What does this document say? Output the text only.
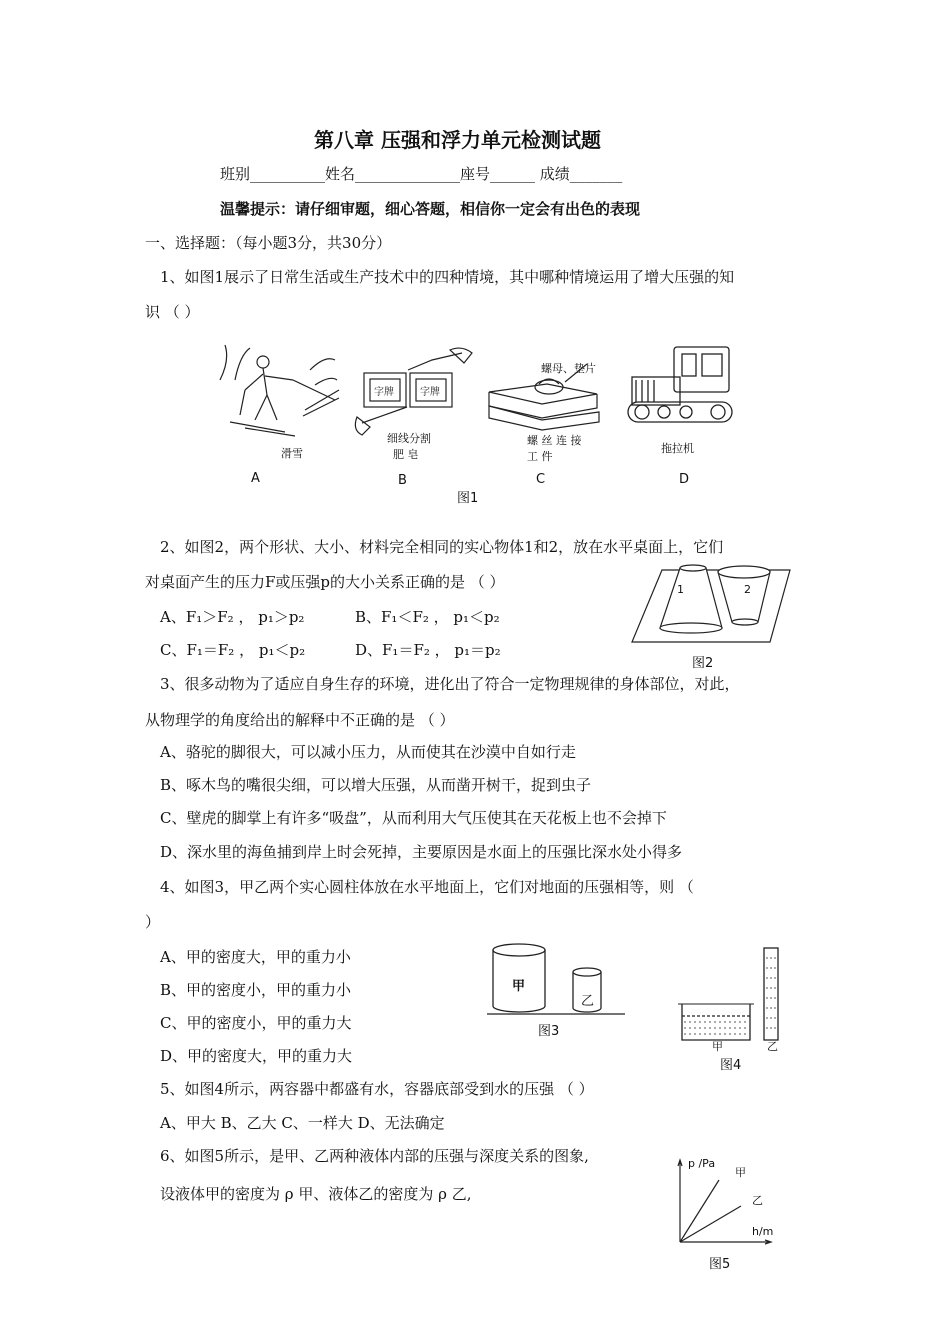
第八章 压强和浮力单元检测试题
班别__________姓名______________座号______ 成绩_______
温馨提示：请仔细审题，细心答题，相信你一定会有出色的表现
一、选择题：（每小题3分，共30分）
1、如图1展示了日常生活或生产技术中的四种情境，其中哪种情境运用了增大压强的知
识 （ ）
滑雪
字牌	字牌
细线分割
肥 皂
螺母、垫片
螺 丝 连 接
工 件
拖拉机
A	B	C	D
图1
2、如图2，两个形状、大小、材料完全相同的实心物体1和2，放在水平桌面上，它们
对桌面产生的压力F或压强p的大小关系正确的是 （ ）
A、F₁＞F₂ ， p₁＞p₂	B、F₁＜F₂ ， p₁＜p₂
C、F₁＝F₂ ， p₁＜p₂	D、F₁＝F₂ ， p₁＝p₂
1	2
图2
3、很多动物为了适应自身生存的环境，进化出了符合一定物理规律的身体部位，对此，
从物理学的角度给出的解释中不正确的是 （ ）
A、骆驼的脚很大，可以减小压力，从而使其在沙漠中自如行走
B、啄木鸟的嘴很尖细，可以增大压强，从而凿开树干，捉到虫子
C、壁虎的脚掌上有许多“吸盘”，从而利用大气压使其在天花板上也不会掉下
D、深水里的海鱼捕到岸上时会死掉，主要原因是水面上的压强比深水处小得多
4、如图3，甲乙两个实心圆柱体放在水平地面上，它们对地面的压强相等，则 （
）
A、甲的密度大，甲的重力小
B、甲的密度小，甲的重力小
C、甲的密度小，甲的重力大
D、甲的密度大，甲的重力大
甲
乙
图3
甲	乙
图4
5、如图4所示，两容器中都盛有水，容器底部受到水的压强 （ ）
A、甲大 B、乙大 C、一样大 D、无法确定
6、如图5所示，是甲、乙两种液体内部的压强与深度关系的图象,
设液体甲的密度为 ρ 甲、液体乙的密度为 ρ 乙,
p /Pa
甲
乙
h/m
图5
